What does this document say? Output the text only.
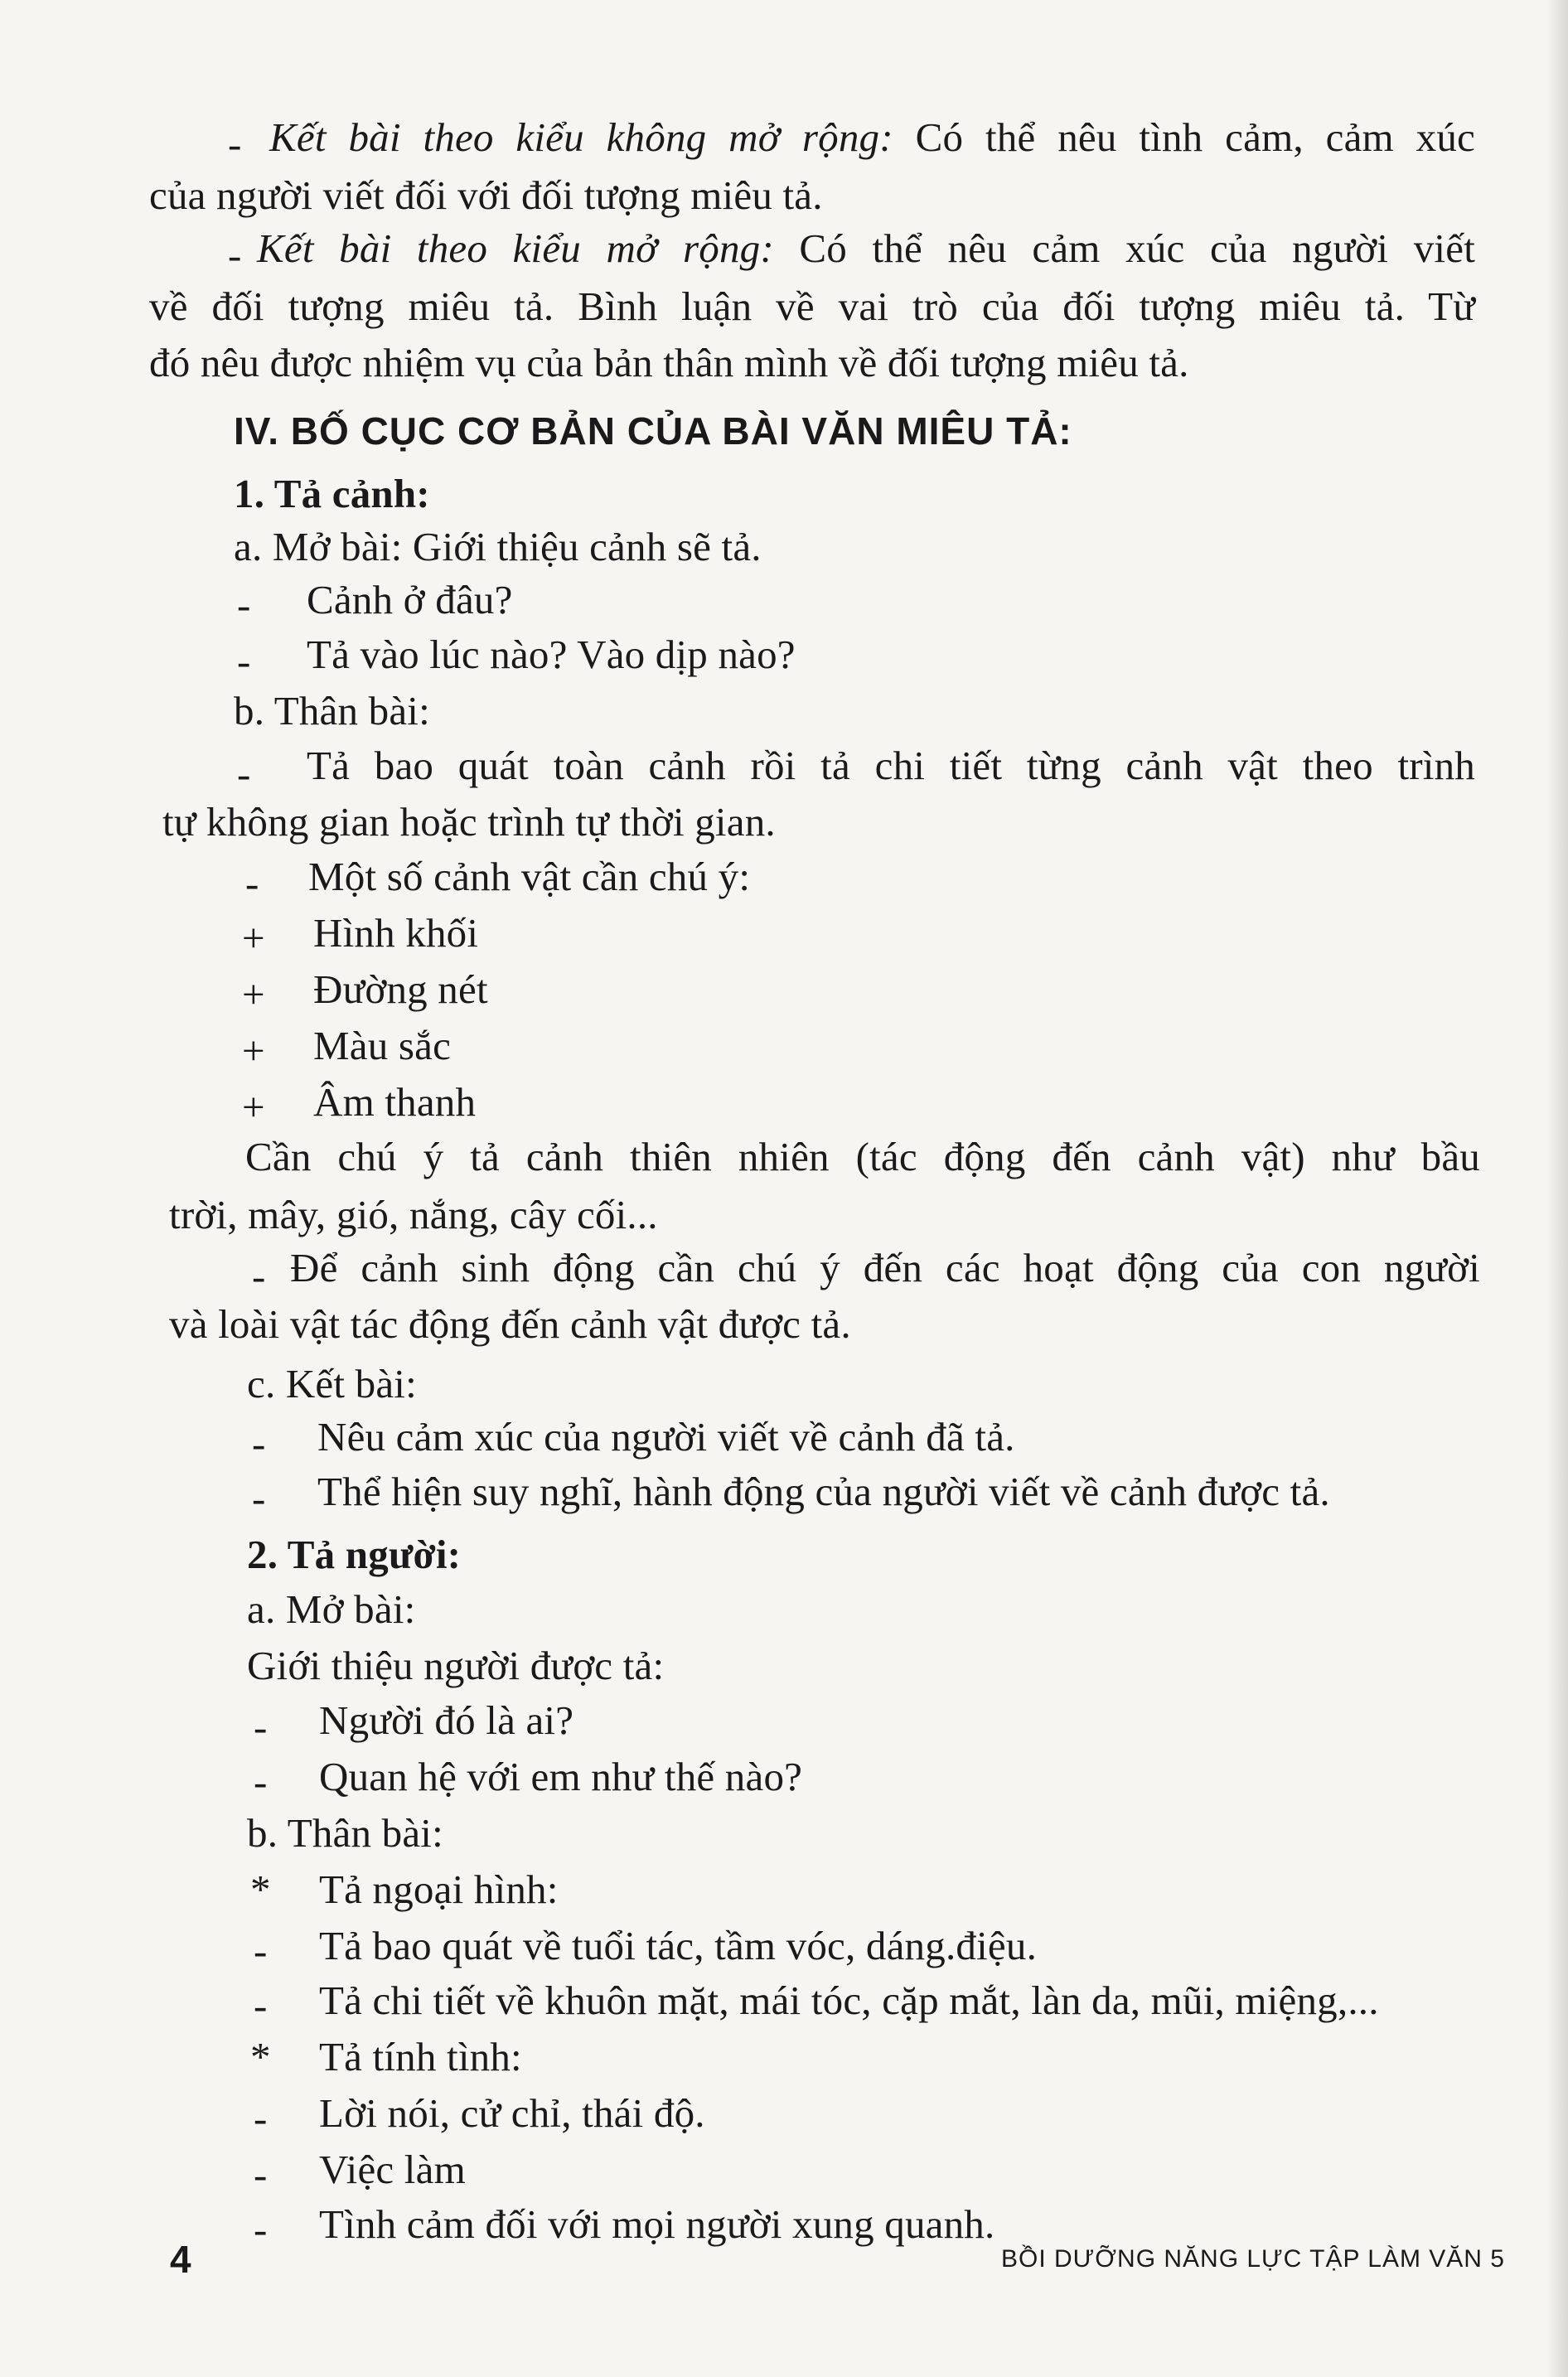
- Kết bài theo kiểu không mở rộng: Có thể nêu tình cảm, cảm xúc
của người viết đối với đối tượng miêu tả.
- Kết bài theo kiểu mở rộng: Có thể nêu cảm xúc của người viết
về đối tượng miêu tả. Bình luận về vai trò của đối tượng miêu tả. Từ
đó nêu được nhiệm vụ của bản thân mình về đối tượng miêu tả.
IV. BỐ CỤC CƠ BẢN CỦA BÀI VĂN MIÊU TẢ:
1. Tả cảnh:
a. Mở bài: Giới thiệu cảnh sẽ tả.
- Cảnh ở đâu?
- Tả vào lúc nào? Vào dịp nào?
b. Thân bài:
- Tả bao quát toàn cảnh rồi tả chi tiết từng cảnh vật theo trình
tự không gian hoặc trình tự thời gian.
- Một số cảnh vật cần chú ý:
+ Hình khối
+ Đường nét
+ Màu sắc
+ Âm thanh
Cần chú ý tả cảnh thiên nhiên (tác động đến cảnh vật) như bầu
trời, mây, gió, nắng, cây cối...
- Để cảnh sinh động cần chú ý đến các hoạt động của con người
và loài vật tác động đến cảnh vật được tả.
c. Kết bài:
- Nêu cảm xúc của người viết về cảnh đã tả.
- Thể hiện suy nghĩ, hành động của người viết về cảnh được tả.
2. Tả người:
a. Mở bài:
Giới thiệu người được tả:
- Người đó là ai?
- Quan hệ với em như thế nào?
b. Thân bài:
* Tả ngoại hình:
- Tả bao quát về tuổi tác, tầm vóc, dáng.điệu.
- Tả chi tiết về khuôn mặt, mái tóc, cặp mắt, làn da, mũi, miệng,...
* Tả tính tình:
- Lời nói, cử chỉ, thái độ.
- Việc làm
- Tình cảm đối với mọi người xung quanh.
4	BỒI DƯỠNG NĂNG LỰC TẬP LÀM VĂN 5
